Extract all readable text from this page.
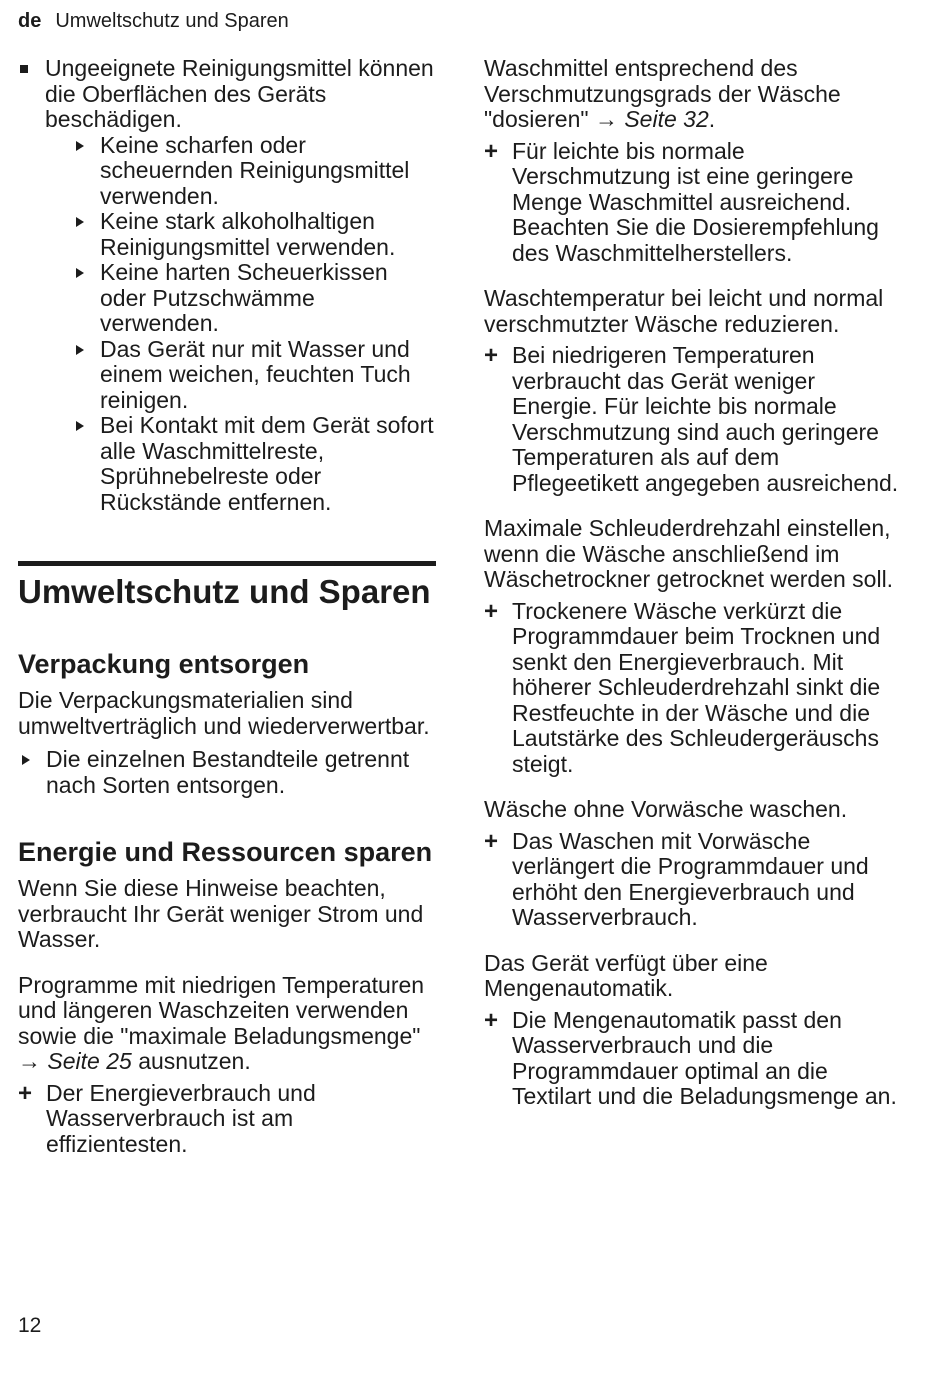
de Umweltschutz und Sparen
Ungeeignete Reinigungsmittel können die Oberflächen des Geräts beschädigen.
Keine scharfen oder scheuernden Reinigungsmittel verwenden.
Keine stark alkoholhaltigen Reinigungsmittel verwenden.
Keine harten Scheuerkissen oder Putzschwämme verwenden.
Das Gerät nur mit Wasser und einem weichen, feuchten Tuch reinigen.
Bei Kontakt mit dem Gerät sofort alle Waschmittelreste, Sprühnebelreste oder Rückstände entfernen.
Umweltschutz und Sparen
Verpackung entsorgen

Die Verpackungsmaterialien sind umweltverträglich und wiederverwertbar.

Die einzelnen Bestandteile getrennt nach Sorten entsorgen.
Energie und Ressourcen sparen

Wenn Sie diese Hinweise beachten, verbraucht Ihr Gerät weniger Strom und Wasser.

Programme mit niedrigen Temperaturen und längeren Waschzeiten verwenden sowie die "maximale Beladungsmenge" → Seite 25 ausnutzen.

+ Der Energieverbrauch und Wasserverbrauch ist am effizientesten.

Waschmittel entsprechend des Verschmutzungsgrads der Wäsche "dosieren" → Seite 32.

+ Für leichte bis normale Verschmutzung ist eine geringere Menge Waschmittel ausreichend. Beachten Sie die Dosierempfehlung des Waschmittelherstellers.

Waschtemperatur bei leicht und normal verschmutzter Wäsche reduzieren.

+ Bei niedrigeren Temperaturen verbraucht das Gerät weniger Energie. Für leichte bis normale Verschmutzung sind auch geringere Temperaturen als auf dem Pflegeetikett angegeben ausreichend.

Maximale Schleuderdrehzahl einstellen, wenn die Wäsche anschließend im Wäschetrockner getrocknet werden soll.

+ Trockenere Wäsche verkürzt die Programmdauer beim Trocknen und senkt den Energieverbrauch. Mit höherer Schleuderdrehzahl sinkt die Restfeuchte in der Wäsche und die Lautstärke des Schleudergeräuschs steigt.

Wäsche ohne Vorwäsche waschen.

+ Das Waschen mit Vorwäsche verlängert die Programmdauer und erhöht den Energieverbrauch und Wasserverbrauch.

Das Gerät verfügt über eine Mengenautomatik.

+ Die Mengenautomatik passt den Wasserverbrauch und die Programmdauer optimal an die Textilart und die Beladungsmenge an.
12
